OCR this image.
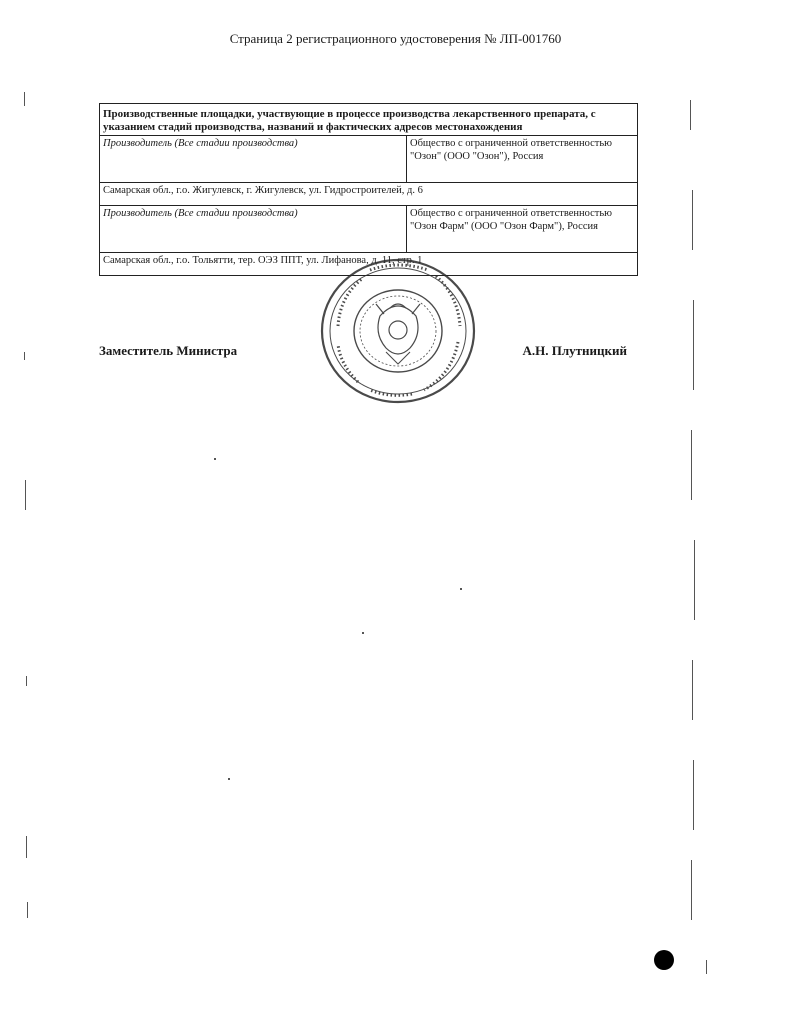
Страница 2 регистрационного удостоверения № ЛП-001760
Производственные площадки, участвующие в процессе производства лекарственного препарата, с указанием стадий производства, названий и фактических адресов местонахождения	
Производитель (Все стадии производства)	Общество с ограниченной ответственностью "Озон" (ООО "Озон"), Россия
Самарская обл., г.о. Жигулевск, г. Жигулевск, ул. Гидростроителей, д. 6	
Производитель (Все стадии производства)	Общество с ограниченной ответственностью "Озон Фарм" (ООО "Озон Фарм"), Россия
Самарская обл., г.о. Тольятти, тер. ОЭЗ ППТ, ул. Лифанова, д. 11, стр. 1	
Заместитель Министра	А.Н. Плутницкий
